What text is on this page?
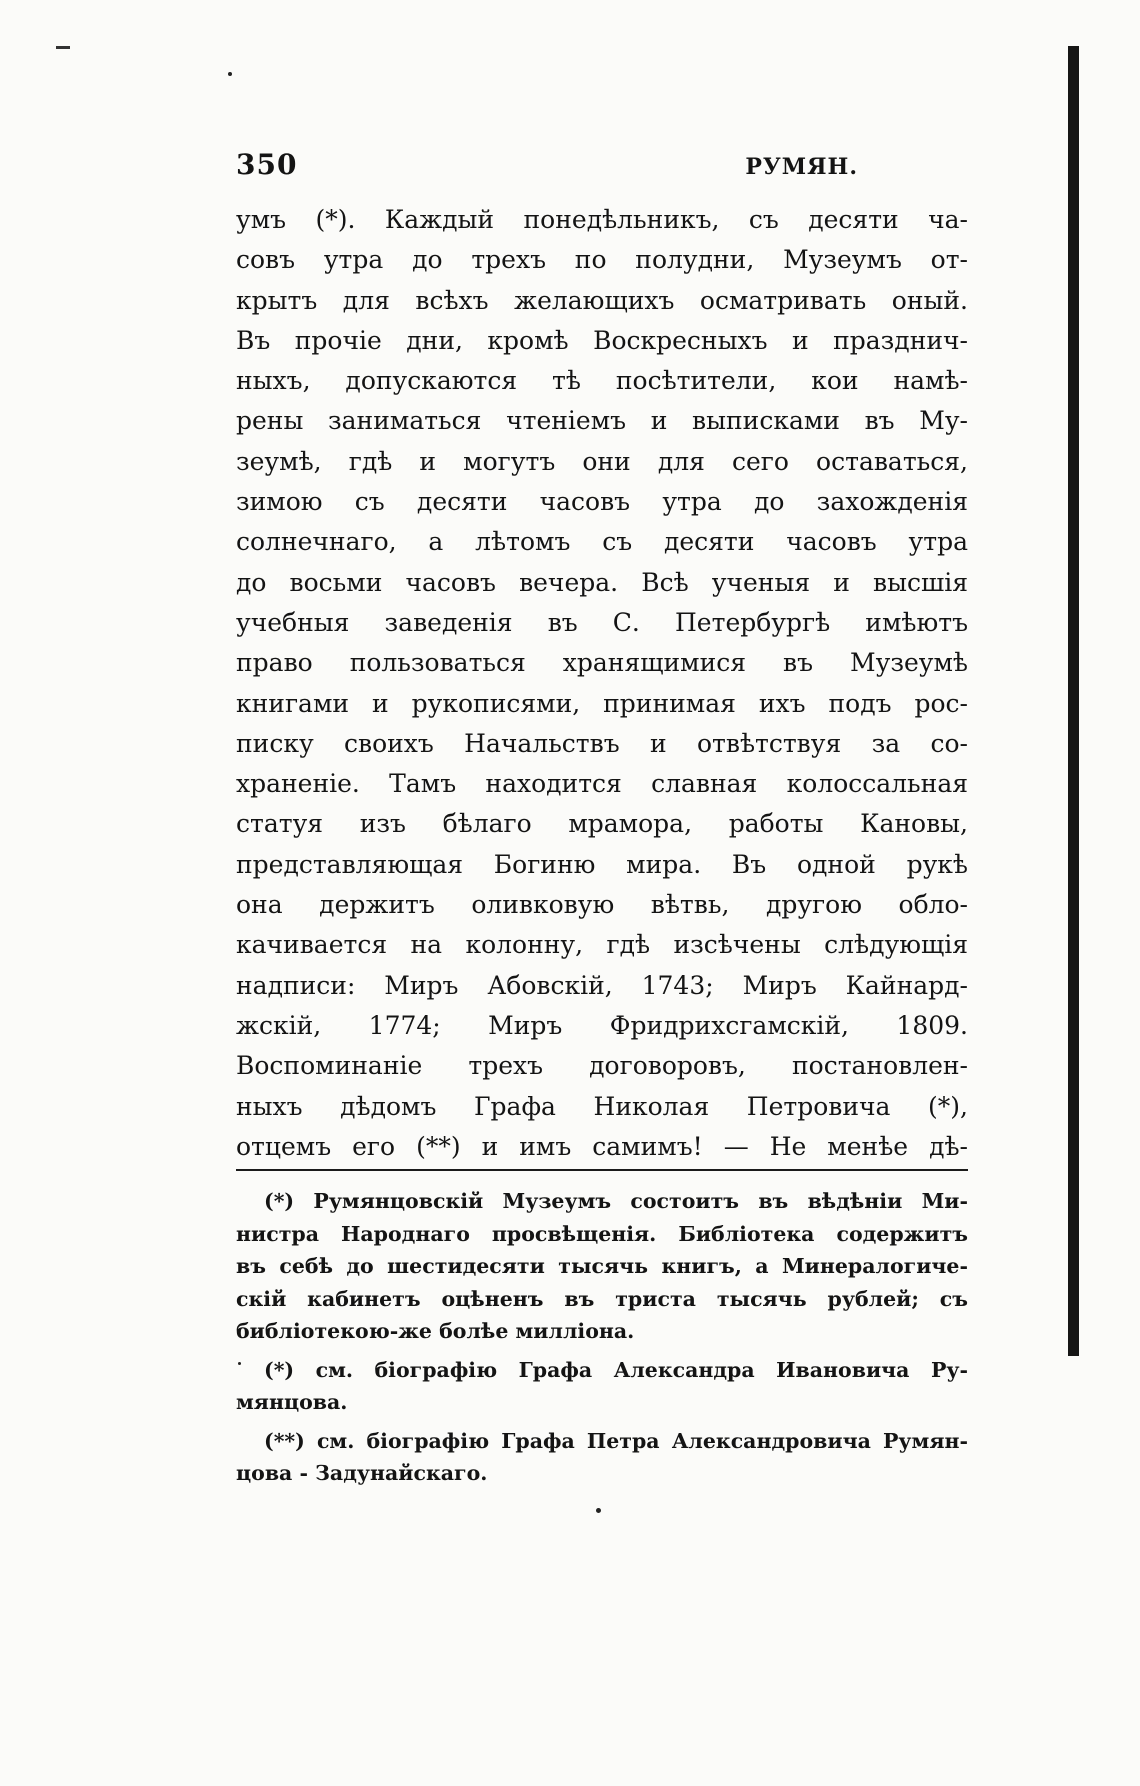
350	РУМЯН.
умъ (*). Каждый понедѣльникъ, съ десяти ча-
совъ утра до трехъ по полудни, Музеумъ от-
крытъ для всѣхъ желающихъ осматривать оный.
Въ прочіе дни, кромѣ Воскресныхъ и празднич-
ныхъ, допускаются тѣ посѣтители, кои намѣ-
рены заниматься чтеніемъ и выписками въ Му-
зеумѣ, гдѣ и могутъ они для сего оставаться,
зимою съ десяти часовъ утра до захожденія
солнечнаго, а лѣтомъ съ десяти часовъ утра
до восьми часовъ вечера. Всѣ ученыя и высшія
учебныя заведенія въ С. Петербургѣ имѣютъ
право пользоваться хранящимися въ Музеумѣ
книгами и рукописями, принимая ихъ подъ рос-
писку своихъ Начальствъ и отвѣтствуя за со-
храненіе. Тамъ находится славная колоссальная
статуя изъ бѣлаго мрамора, работы Кановы,
представляющая Богиню мира. Въ одной рукѣ
она держитъ оливковую вѣтвь, другою обло-
качивается на колонну, гдѣ изсѣчены слѣдующія
надписи: Миръ Абовскій, 1743; Миръ Кайнард-
жскій, 1774; Миръ Фридрихсгамскій, 1809.
Воспоминаніе трехъ договоровъ, постановлен-
ныхъ дѣдомъ Графа Николая Петровича (*),
отцемъ его (**) и имъ самимъ! — Не менѣе дѣ-
(*) Румянцовскій Музеумъ состоитъ въ вѣдѣніи Ми-
нистра Народнаго просвѣщенія. Библіотека содержитъ
въ себѣ до шестидесяти тысячь книгъ, а Минералогиче-
скій кабинетъ оцѣненъ въ триста тысячь рублей; съ
библіотекою-же болѣе милліона.
(*) см. біографію Графа Александра Ивановича Ру-
мянцова.
(**) см. біографію Графа Петра Александровича Румян-
цова - Задунайскаго.
